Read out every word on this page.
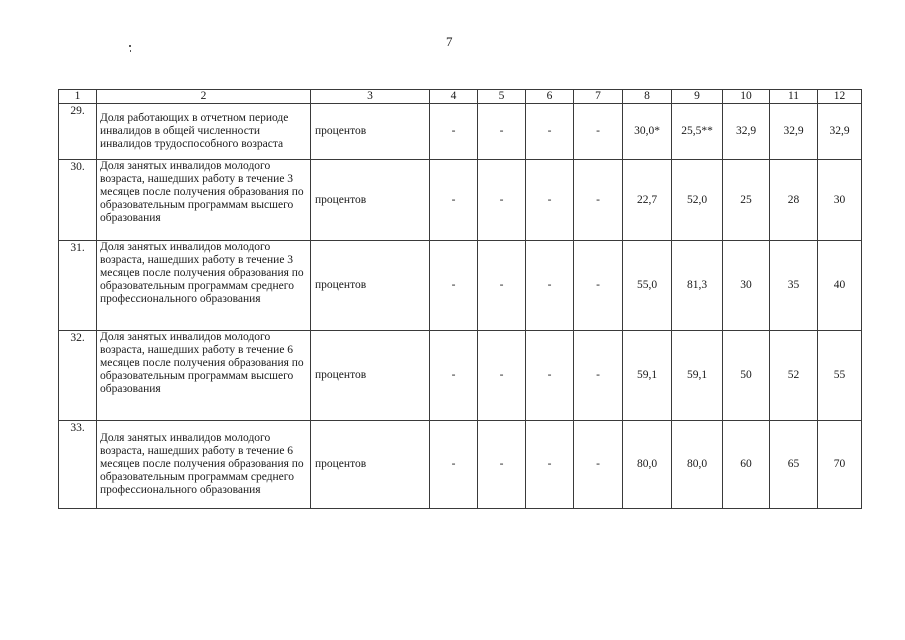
7
1	2	3	4	5	6	7	8	9	10	11	12
29.	Доля работающих в отчетном периоде инвалидов в общей численности инвалидов трудоспособного возраста	процентов	-	-	-	-	30,0*	25,5**	32,9	32,9	32,9
30.	Доля занятых инвалидов молодого возраста, нашедших работу в течение 3 месяцев после получения образования по образовательным программам высшего образования	процентов	-	-	-	-	22,7	52,0	25	28	30
31.	Доля занятых инвалидов молодого возраста, нашедших работу в течение 3 месяцев после получения образования по образовательным программам среднего профессионального образования	процентов	-	-	-	-	55,0	81,3	30	35	40
32.	Доля занятых инвалидов молодого возраста, нашедших работу в течение 6 месяцев после получения образования по образовательным программам высшего образования	процентов	-	-	-	-	59,1	59,1	50	52	55
33.	Доля занятых инвалидов молодого возраста, нашедших работу в течение 6 месяцев после получения образования по образовательным программам среднего профессионального образования	процентов	-	-	-	-	80,0	80,0	60	65	70
